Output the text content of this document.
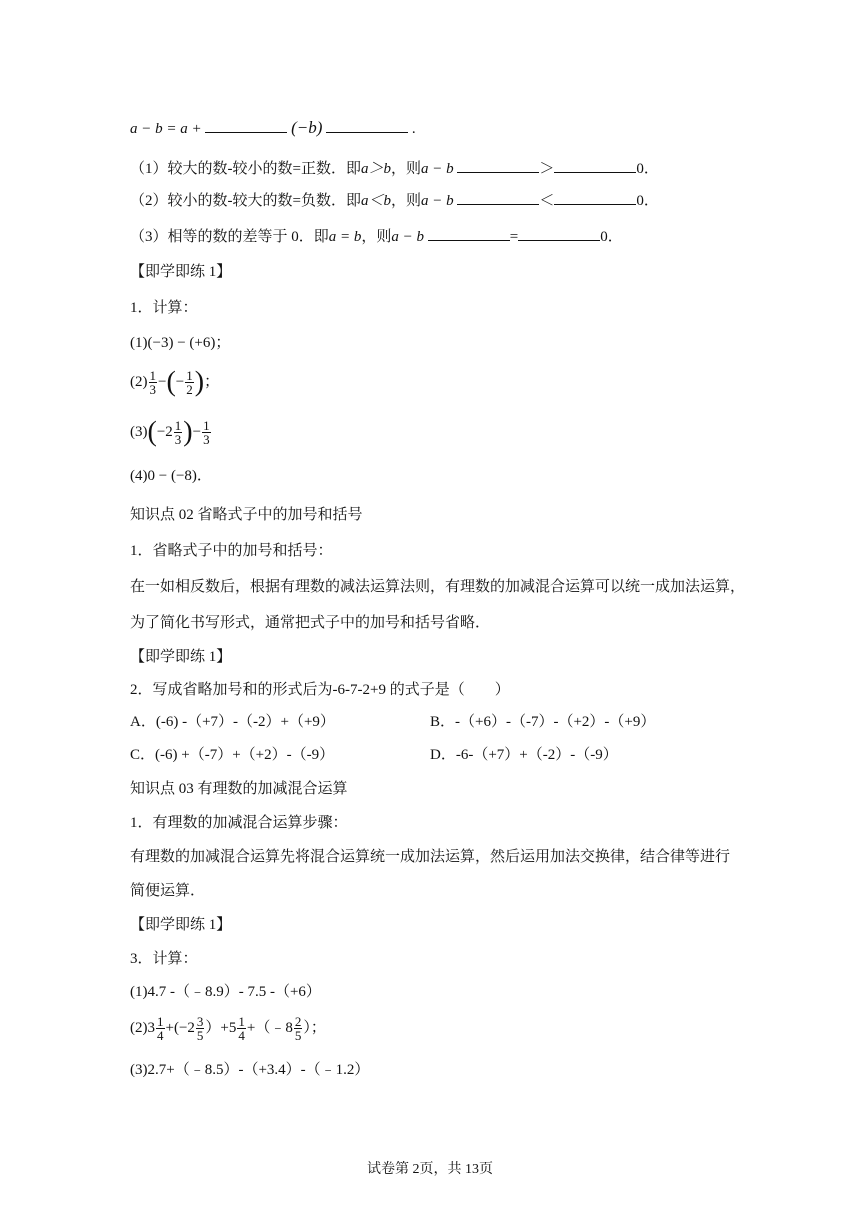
a − b = a +	(−b)	.
（1）较大的数-较小的数=正数．即a＞b，则a − b	＞	0．
（2）较小的数-较大的数=负数．即a＜b，则a − b	＜	0．
（3）相等的数的差等于 0．即a = b，则a − b	=	0．
【即学即练 1】
1．计算：
(1)(−3) − (+6)；
$(2) \frac{1}{3}$ −(− $\frac{1}{2}$ )；
$(3)(-2 \frac{1}{3}$ )− $\frac{1}{3}$
(4)0 − (−8)．
知识点 02 省略式子中的加号和括号
1．省略式子中的加号和括号：
在一如相反数后，根据有理数的减法运算法则，有理数的加减混合运算可以统一成加法运算，
为了简化书写形式，通常把式子中的加号和括号省略．
【即学即练 1】
2．写成省略加号和的形式后为-6-7-2+9 的式子是（　　）
A．(-6) -（+7）-（-2）+（+9）	B．-（+6）-（-7）-（+2）-（+9）
C．(-6) +（-7）+（+2）-（-9）	D．-6-（+7）+（-2）-（-9）
知识点 03 有理数的加减混合运算
1．有理数的加减混合运算步骤：
有理数的加减混合运算先将混合运算统一成加法运算，然后运用加法交换律，结合律等进行
简便运算．
【即学即练 1】
3．计算：
(1)4.7 -（﹣8.9）- 7.5 -（+6）
$(2)3 \frac{1}{4} +(-2 \frac{3}{5} )+5 \frac{1}{4}$ +（﹣8 $\frac{2}{5}$ ）；
(3)2.7+（﹣8.5）-（+3.4）-（﹣1.2）
试卷第 2页，共 13页
